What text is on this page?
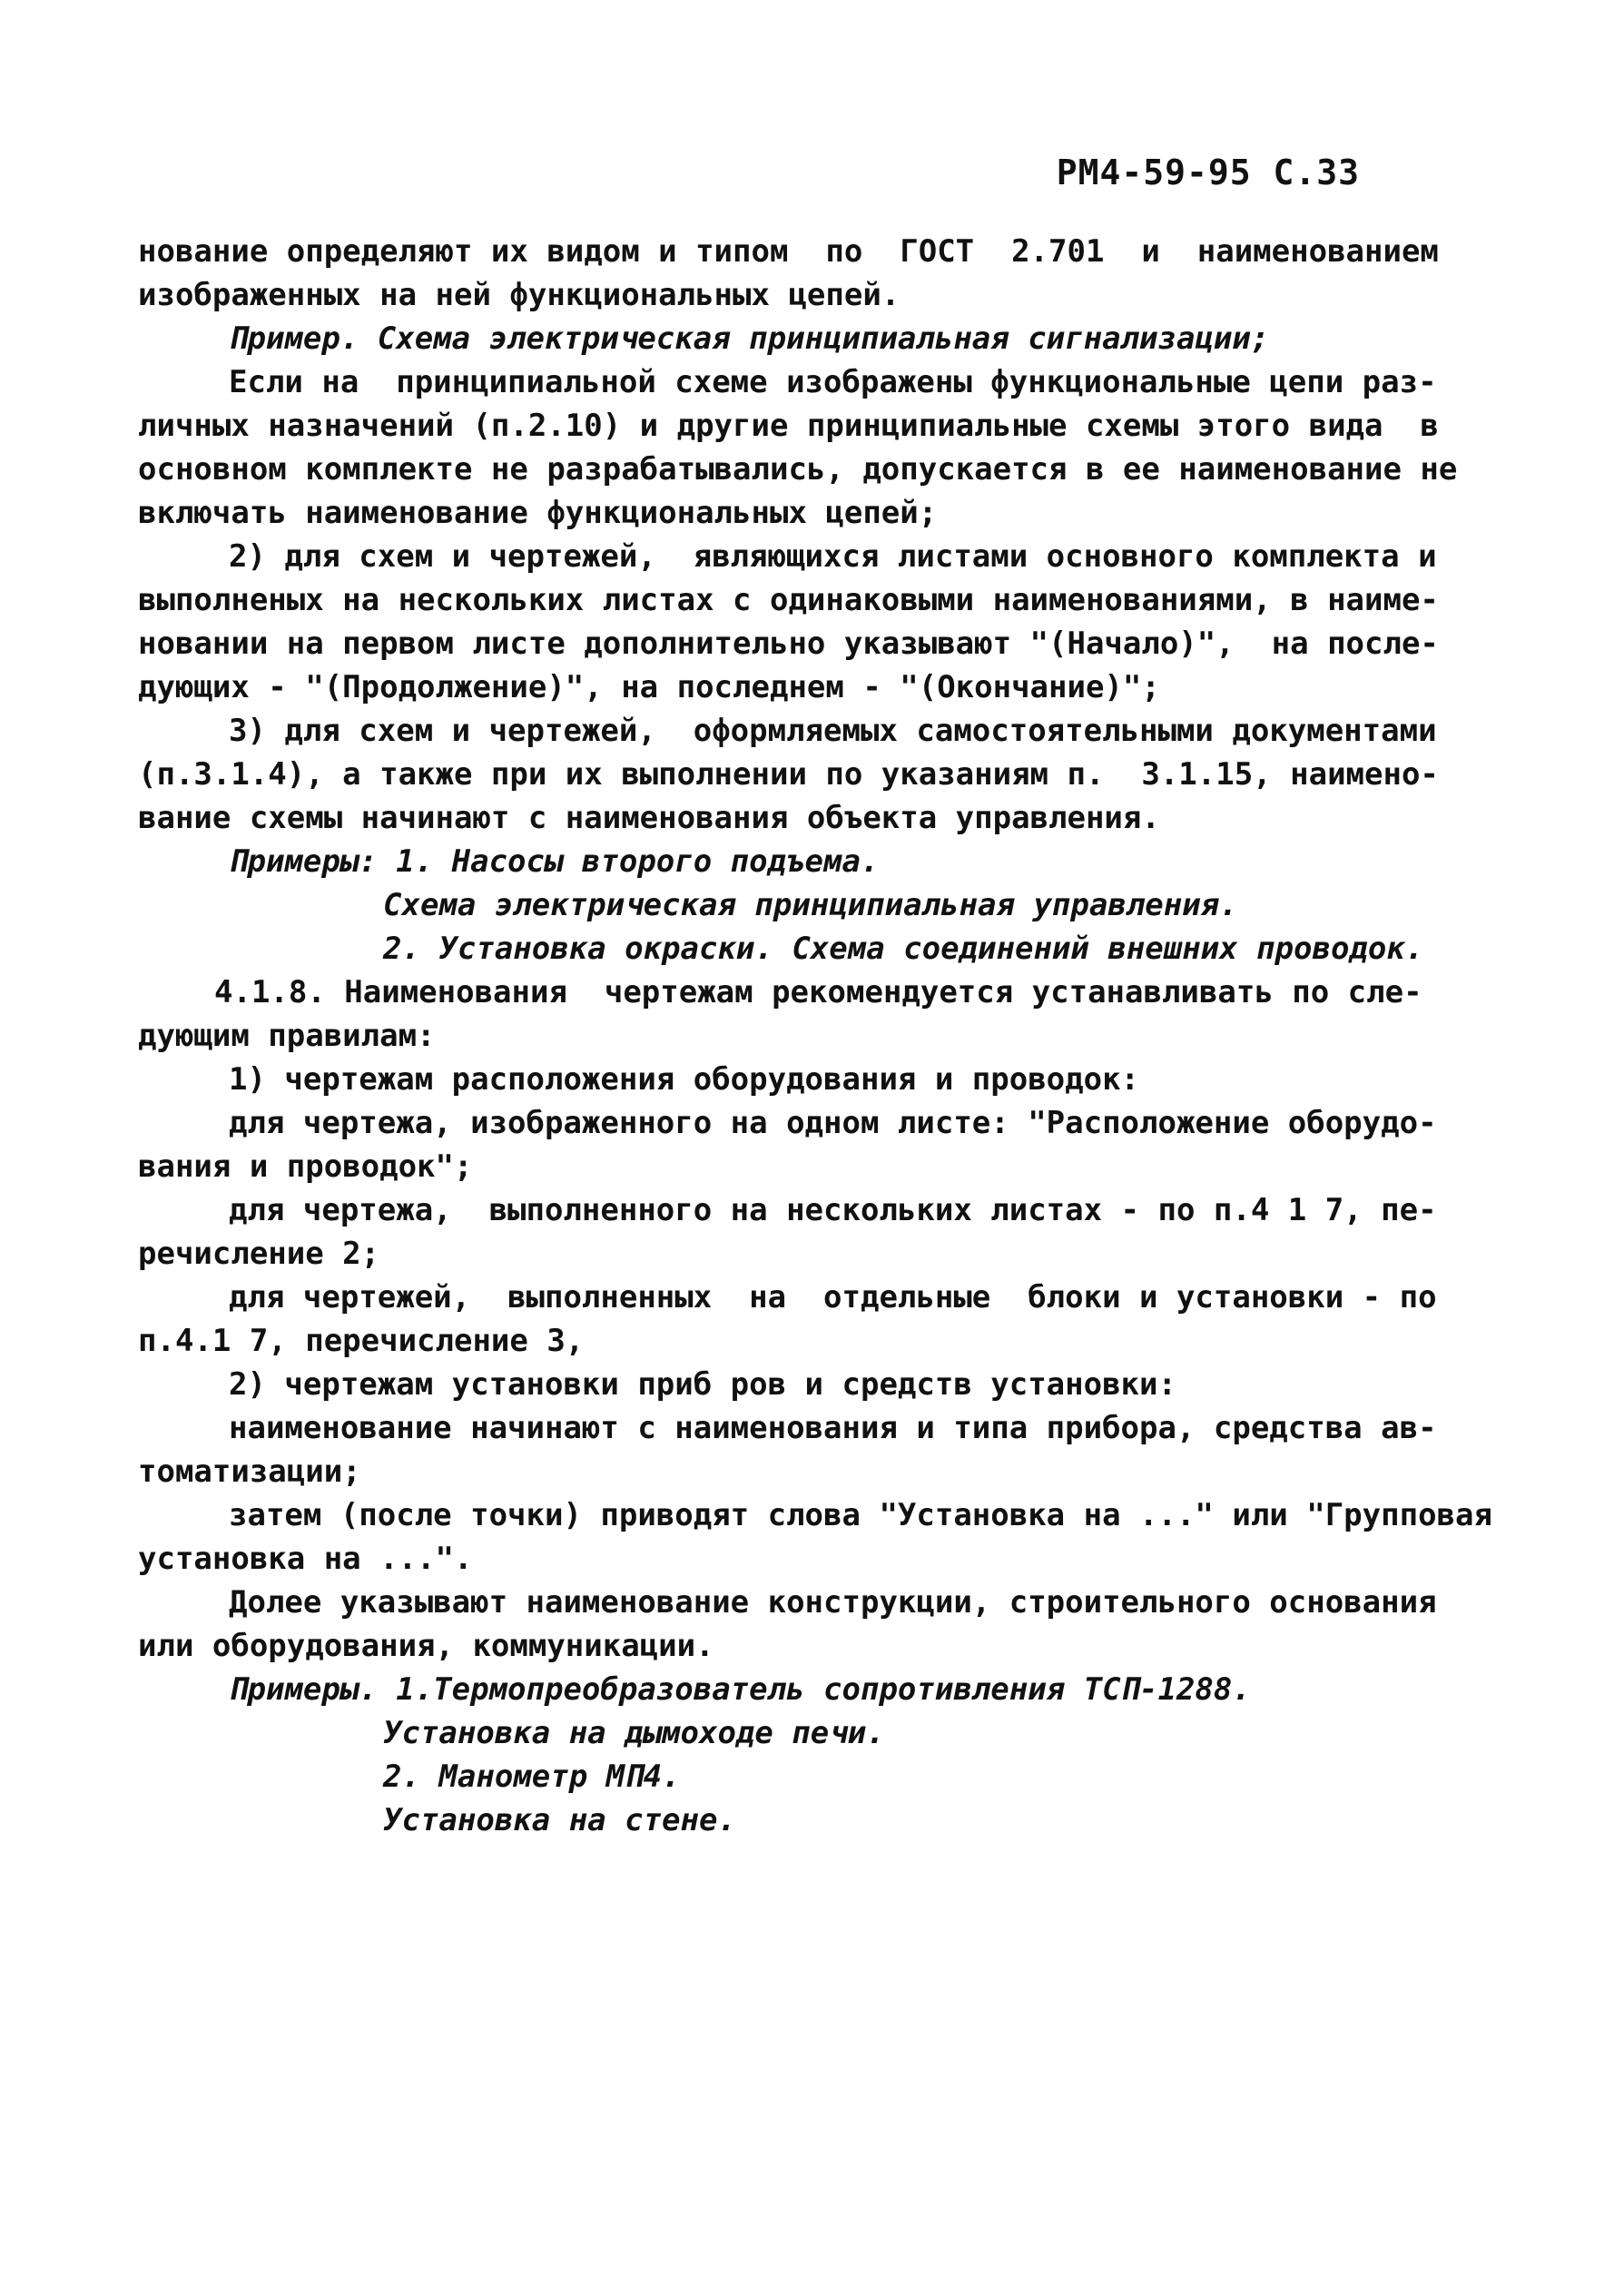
РМ4-59-95 С.33
нование определяют их видом и типом  по  ГОСТ  2.701  и  наименованием
изображенных на ней функциональных цепей.
Пример. Схема электрическая принципиальная сигнализации;
Если на  принципиальной схеме изображены функциональные цепи раз-
личных назначений (п.2.10) и другие принципиальные схемы этого вида  в
основном комплекте не разрабатывались, допускается в ее наименование не
включать наименование функциональных цепей;
2) для схем и чертежей,  являющихся листами основного комплекта и
выполненых на нескольких листах с одинаковыми наименованиями, в наиме-
новании на первом листе дополнительно указывают "(Начало)",  на после-
дующих - "(Продолжение)", на последнем - "(Окончание)";
3) для схем и чертежей,  оформляемых самостоятельными документами
(п.3.1.4), а также при их выполнении по указаниям п.  3.1.15, наимено-
вание схемы начинают с наименования объекта управления.
Примеры: 1. Насосы второго подъема.
Схема электрическая принципиальная управления.
2. Установка окраски. Схема соединений внешних проводок.
4.1.8. Наименования  чертежам рекомендуется устанавливать по сле-
дующим правилам:
1) чертежам расположения оборудования и проводок:
для чертежа, изображенного на одном листе: "Расположение оборудо-
вания и проводок";
для чертежа,  выполненного на нескольких листах - по п.4 1 7, пе-
речисление 2;
для чертежей,  выполненных  на  отдельные  блоки и установки - по
п.4.1 7, перечисление 3,
2) чертежам установки приб ров и средств установки:
наименование начинают с наименования и типа прибора, средства ав-
томатизации;
затем (после точки) приводят слова "Установка на ..." или "Групповая
установка на ...".
Долее указывают наименование конструкции, строительного основания
или оборудования, коммуникации.
Примеры. 1.Термопреобразователь сопротивления ТСП-1288.
Установка на дымоходе печи.
2. Манометр МП4.
Установка на стене.
